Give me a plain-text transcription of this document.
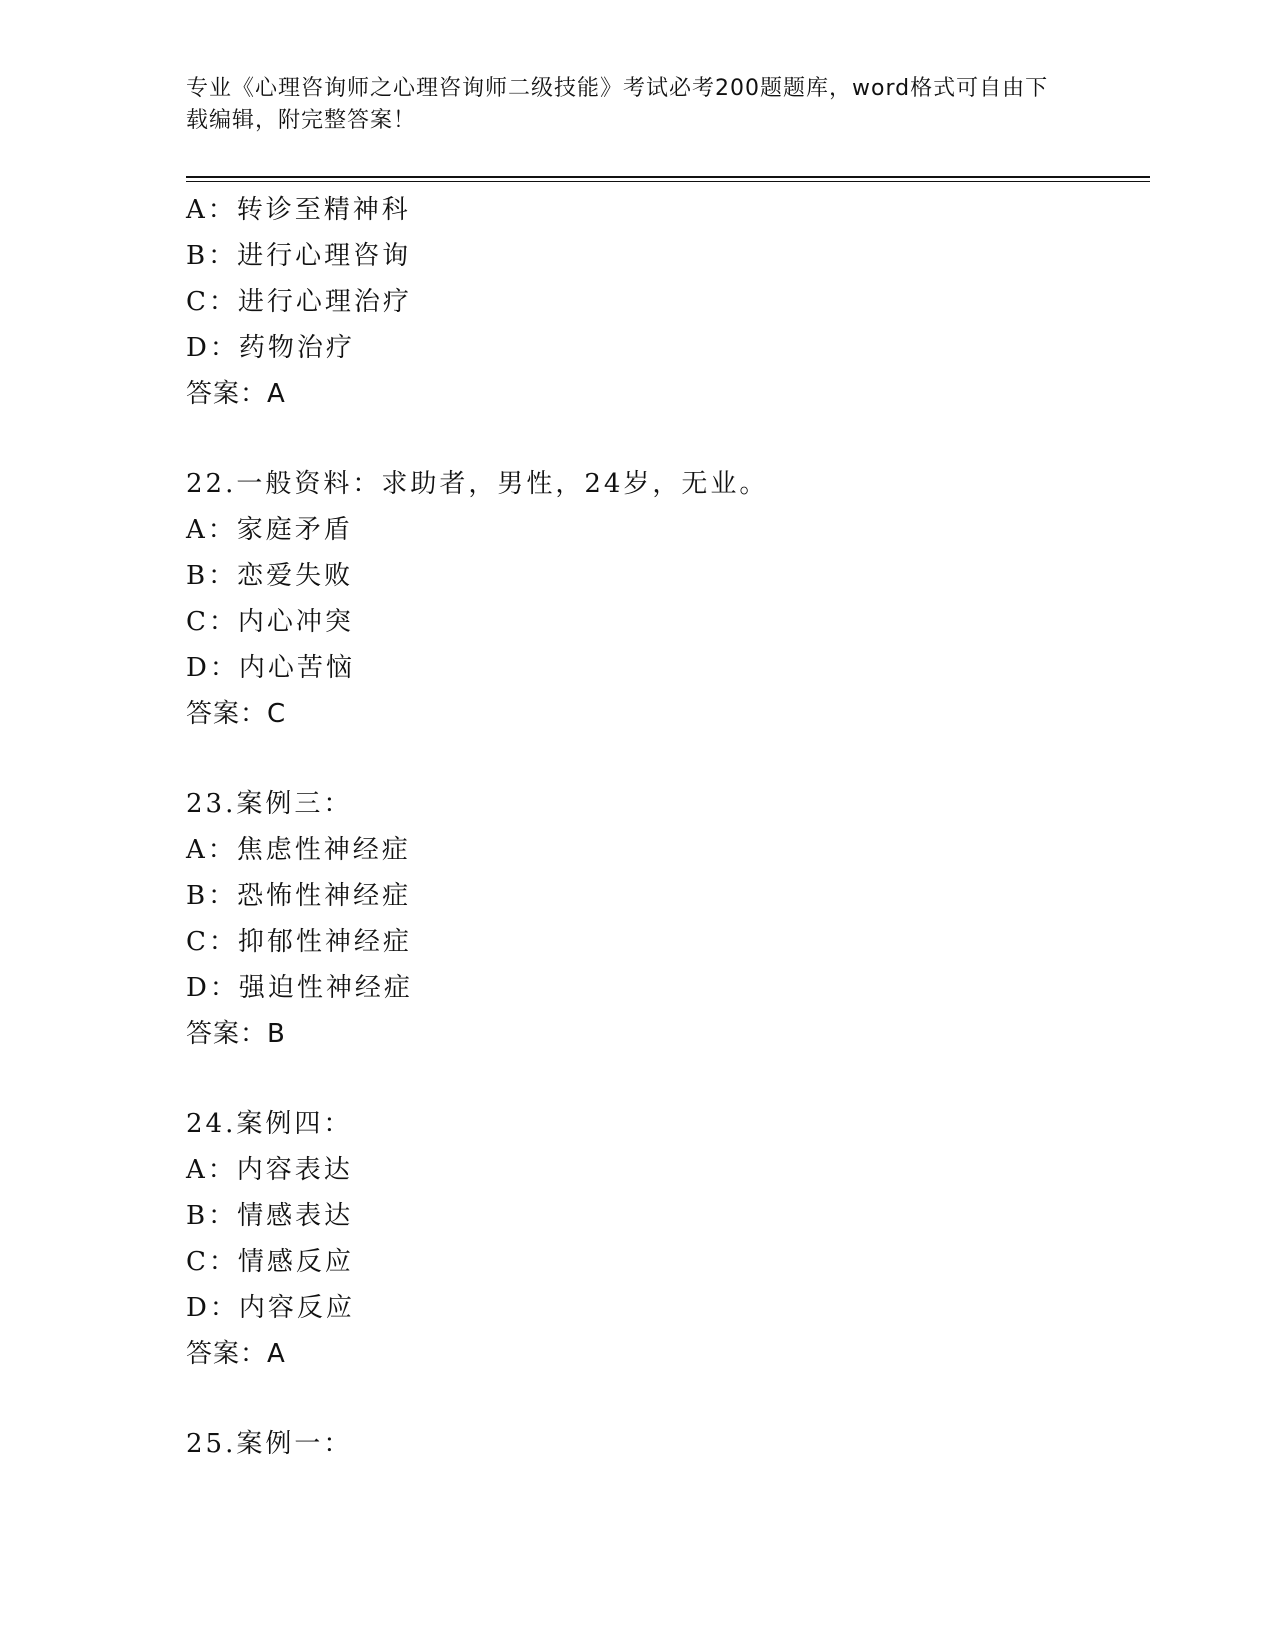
专业《心理咨询师之心理咨询师二级技能》考试必考200题题库，word格式可自由下载编辑，附完整答案！

A：转诊至精神科
B：进行心理咨询
C：进行心理治疗
D：药物治疗
答案：A
22.一般资料：求助者，男性，24岁，无业。
A：家庭矛盾
B：恋爱失败
C：内心冲突
D：内心苦恼
答案：C
23.案例三：
A：焦虑性神经症
B：恐怖性神经症
C：抑郁性神经症
D：强迫性神经症
答案：B
24.案例四：
A：内容表达
B：情感表达
C：情感反应
D：内容反应
答案：A
25.案例一：
